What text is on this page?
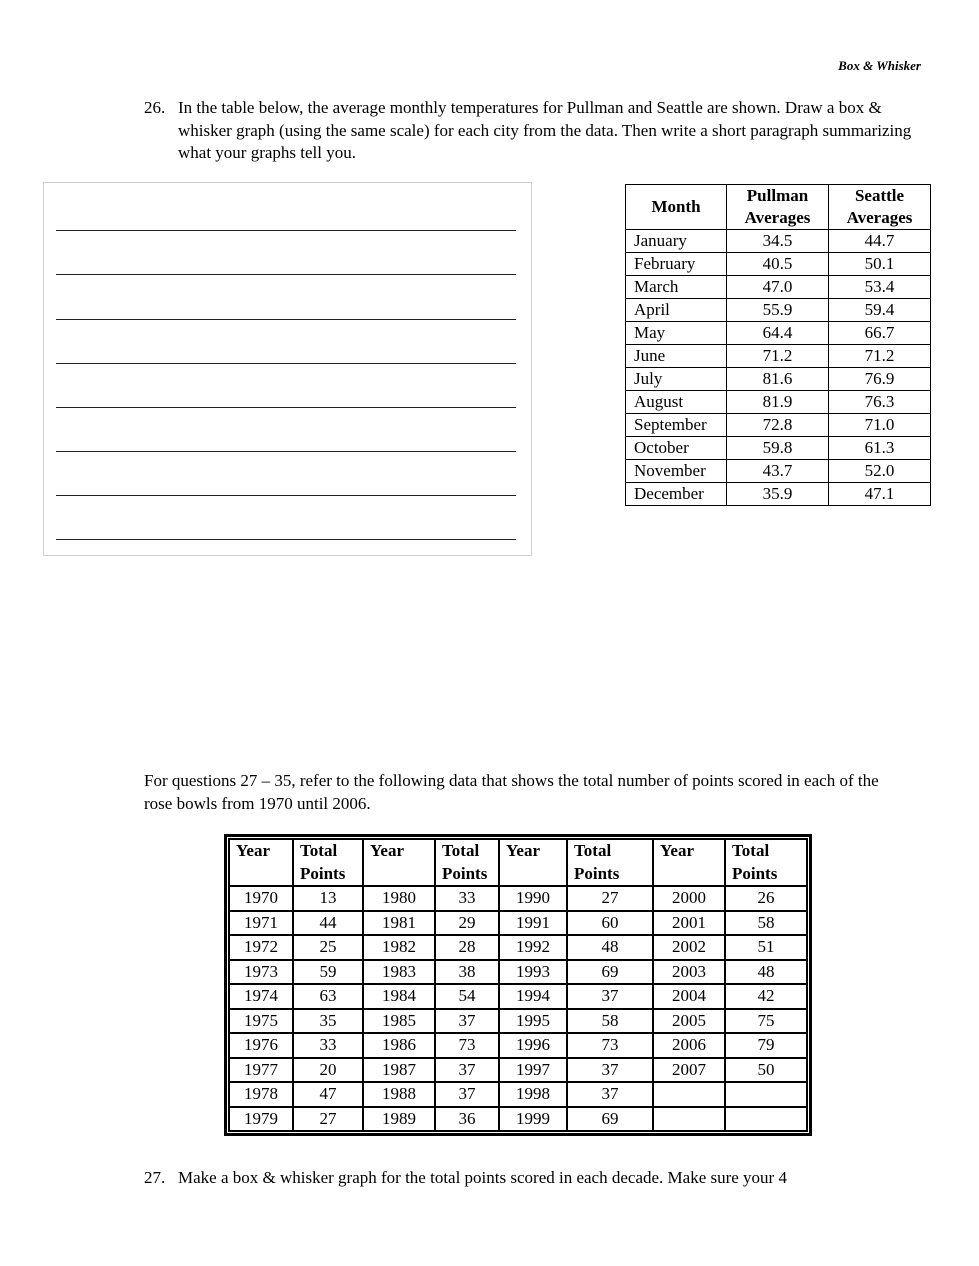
Box & Whisker
26. In the table below, the average monthly temperatures for Pullman and Seattle are shown. Draw a box & whisker graph (using the same scale) for each city from the data. Then write a short paragraph summarizing what your graphs tell you.
Month	Pullman Averages	Seattle Averages
January	34.5	44.7
February	40.5	50.1
March	47.0	53.4
April	55.9	59.4
May	64.4	66.7
June	71.2	71.2
July	81.6	76.9
August	81.9	76.3
September	72.8	71.0
October	59.8	61.3
November	43.7	52.0
December	35.9	47.1
For questions 27 – 35, refer to the following data that shows the total number of points scored in each of the rose bowls from 1970 until 2006.
Year	Total Points	Year	Total Points	Year	Total Points	Year	Total Points
1970	13	1980	33	1990	27	2000	26
1971	44	1981	29	1991	60	2001	58
1972	25	1982	28	1992	48	2002	51
1973	59	1983	38	1993	69	2003	48
1974	63	1984	54	1994	37	2004	42
1975	35	1985	37	1995	58	2005	75
1976	33	1986	73	1996	73	2006	79
1977	20	1987	37	1997	37	2007	50
1978	47	1988	37	1998	37		
1979	27	1989	36	1999	69		
27. Make a box & whisker graph for the total points scored in each decade. Make sure your 4
